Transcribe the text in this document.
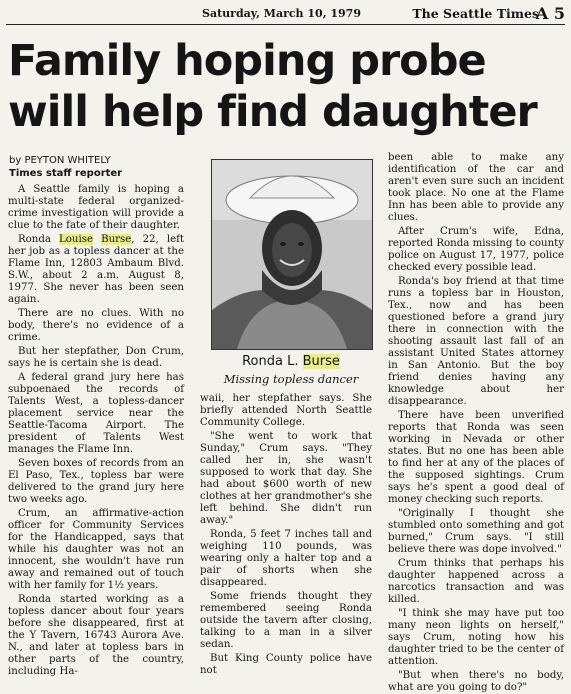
Saturday, March 10, 1979	The Seattle Times
A 5
Family hoping probe
will help find daughter
by PEYTON WHITELY
Times staff reporter

A Seattle family is hoping a multi-state federal organized-crime investigation will provide a clue to the fate of their daughter.

Ronda Louise Burse, 22, left her job as a topless dancer at the Flame Inn, 12803 Ambaum Blvd. S.W., about 2 a.m. August 8, 1977. She never has been seen again.

There are no clues. With no body, there's no evidence of a crime.

But her stepfather, Don Crum, says he is certain she is dead.

A federal grand jury here has subpoenaed the records of Talents West, a topless-dancer placement service near the Seattle-Tacoma Airport. The president of Talents West manages the Flame Inn.

Seven boxes of records from an El Paso, Tex., topless bar were delivered to the grand jury here two weeks ago.

Crum, an affirmative-action officer for Community Services for the Handicapped, says that while his daughter was not an innocent, she wouldn't have run away and remained out of touch with her family for 1½ years.

Ronda started working as a topless dancer about four years before she disappeared, first at the Y Tavern, 16743 Aurora Ave. N., and later at topless bars in other parts of the country, including Ha-

Ronda L. Burse
Missing topless dancer

waii, her stepfather says. She briefly attended North Seattle Community College.

"She went to work that Sunday," Crum says. "They called her in, she wasn't supposed to work that day. She had about $600 worth of new clothes at her grandmother's she left behind. She didn't run away."

Ronda, 5 feet 7 inches tall and weighing 110 pounds, was wearing only a halter top and a pair of shorts when she disappeared.

Some friends thought they remembered seeing Ronda outside the tavern after closing, talking to a man in a silver sedan.

But King County police have not

been able to make any identification of the car and aren't even sure such an incident took place. No one at the Flame Inn has been able to provide any clues.

After Crum's wife, Edna, reported Ronda missing to county police on August 17, 1977, police checked every possible lead.

Ronda's boy friend at that time runs a topless bar in Houston, Tex., now and has been questioned before a grand jury there in connection with the shooting assault last fall of an assistant United States attorney in San Antonio. But the boy friend denies having any knowledge about her disappearance.

There have been unverified reports that Ronda was seen working in Nevada or other states. But no one has been able to find her at any of the places of the supposed sightings. Crum says he's spent a good deal of money checking such reports.

"Originally I thought she stumbled onto something and got burned," Crum says. "I still believe there was dope involved."

Crum thinks that perhaps his daughter happened across a narcotics transaction and was killed.

"I think she may have put too many neon lights on herself," says Crum, noting how his daughter tried to be the center of attention.

"But when there's no body, what are you going to do?"
